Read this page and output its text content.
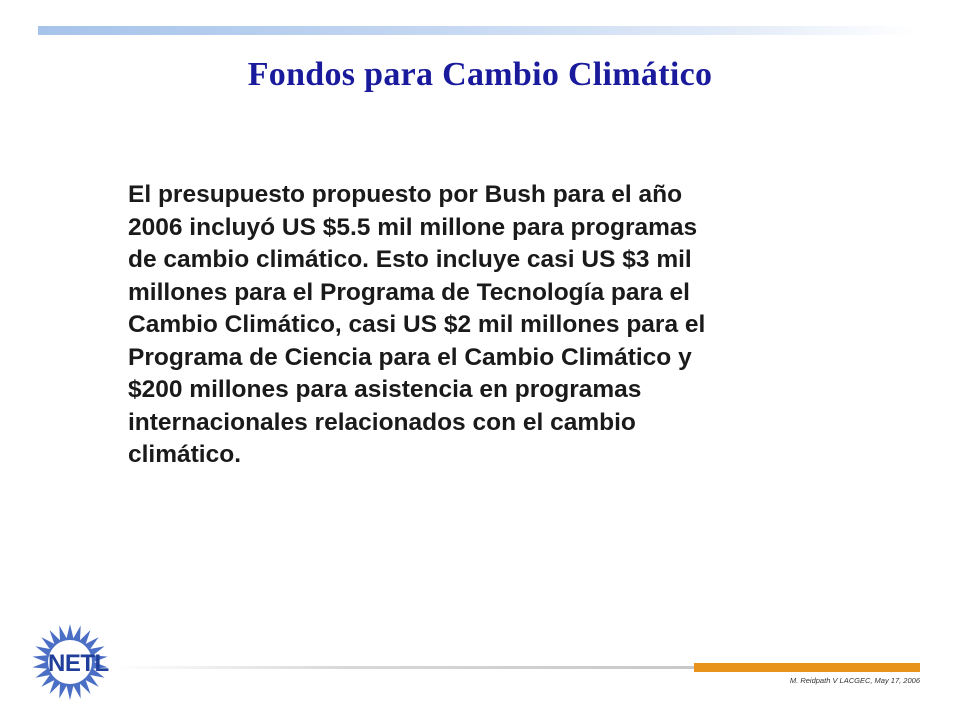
Fondos para Cambio Climático

El presupuesto propuesto por Bush para el año
2006 incluyó US $5.5 mil millone para programas
de cambio climático. Esto incluye casi US $3 mil
millones para el Programa de Tecnología para el
Cambio Climático, casi US $2 mil millones para el
Programa de Ciencia para el Cambio Climático y
$200 millones para asistencia en programas
internacionales relacionados con el cambio
climático.

NETL
M. Reidpath V LACGEC, May 17, 2006
